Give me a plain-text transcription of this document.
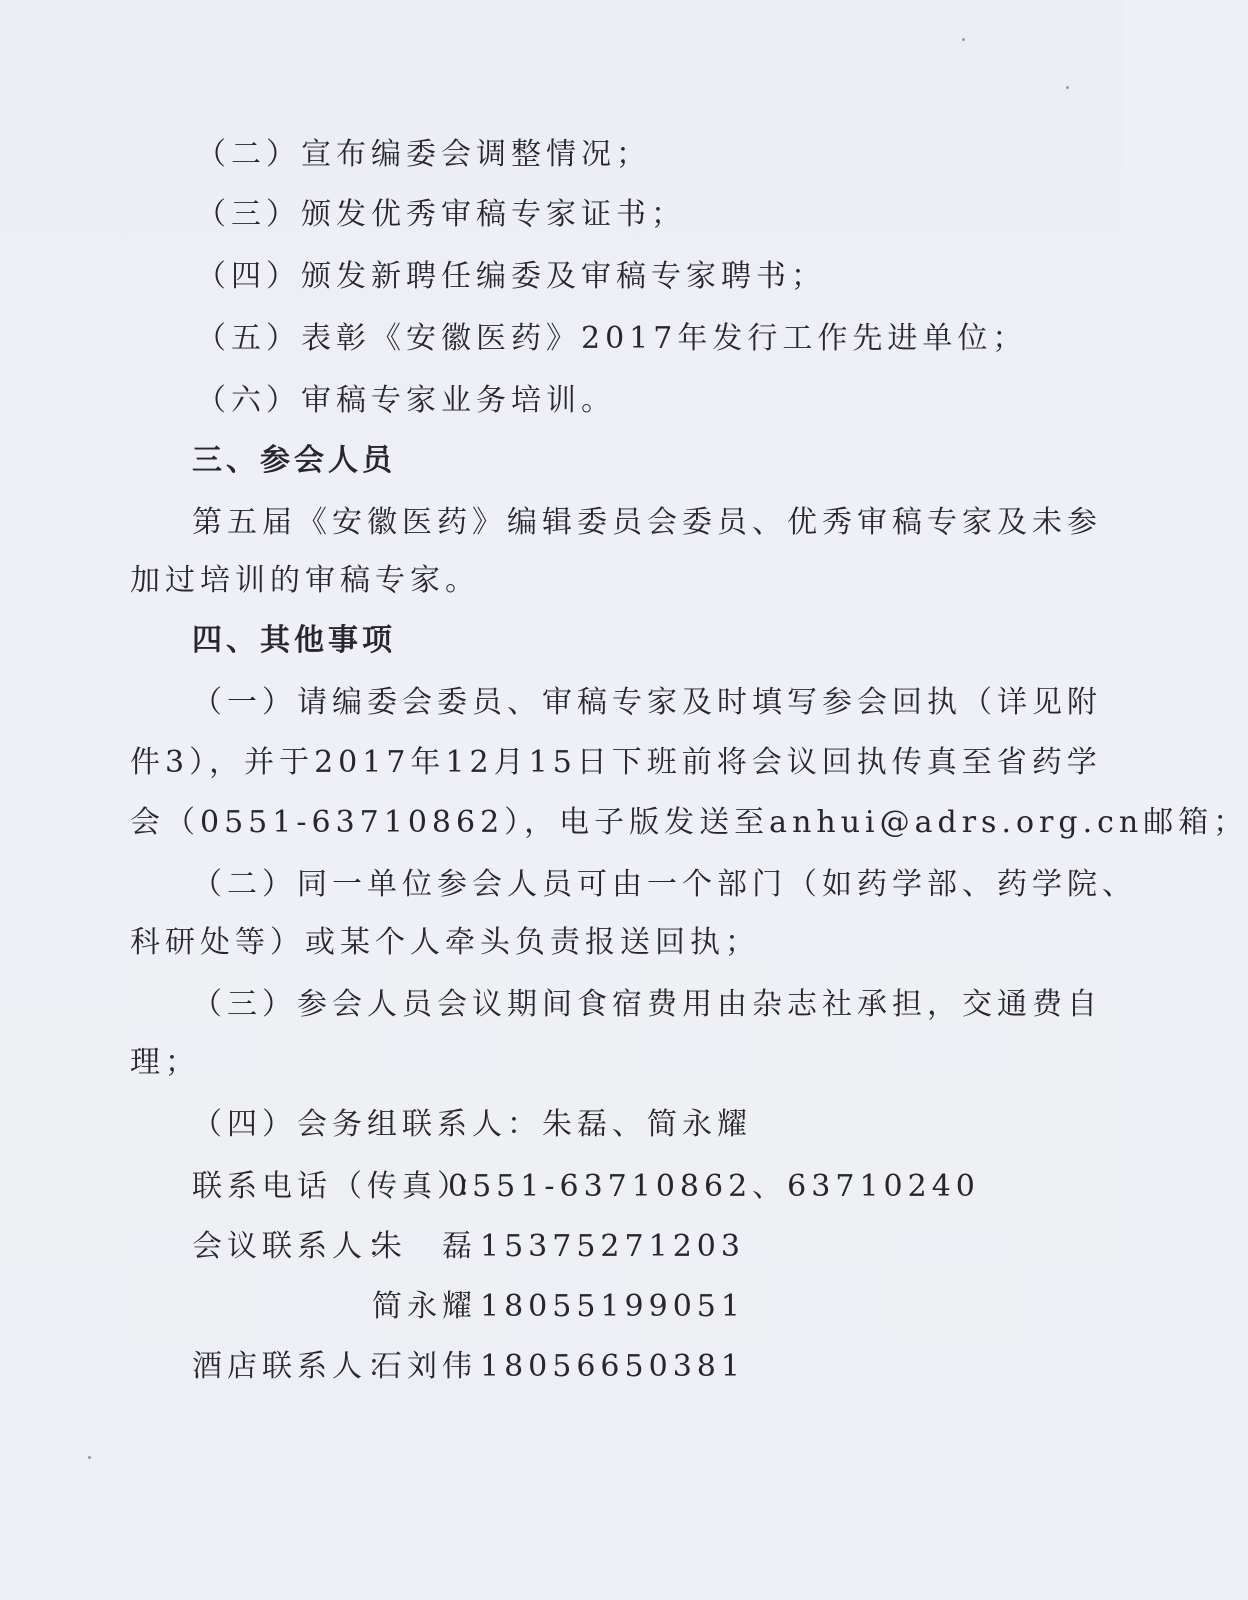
（二）宣布编委会调整情况；
（三）颁发优秀审稿专家证书；
（四）颁发新聘任编委及审稿专家聘书；
（五）表彰《安徽医药》2017年发行工作先进单位；
（六）审稿专家业务培训。
三、参会人员
第五届《安徽医药》编辑委员会委员、优秀审稿专家及未参
加过培训的审稿专家。
四、其他事项
（一）请编委会委员、审稿专家及时填写参会回执（详见附
件3），并于2017年12月15日下班前将会议回执传真至省药学
会（0551-63710862），电子版发送至anhui@adrs.org.cn邮箱；
（二）同一单位参会人员可由一个部门（如药学部、药学院、
科研处等）或某个人牵头负责报送回执；
（三）参会人员会议期间食宿费用由杂志社承担，交通费自
理；
（四）会务组联系人：朱磊、简永耀
联系电话（传真）：
0551-63710862、63710240
会议联系人：
朱　磊 15375271203
简永耀 18055199051
酒店联系人：
石刘伟 18056650381
